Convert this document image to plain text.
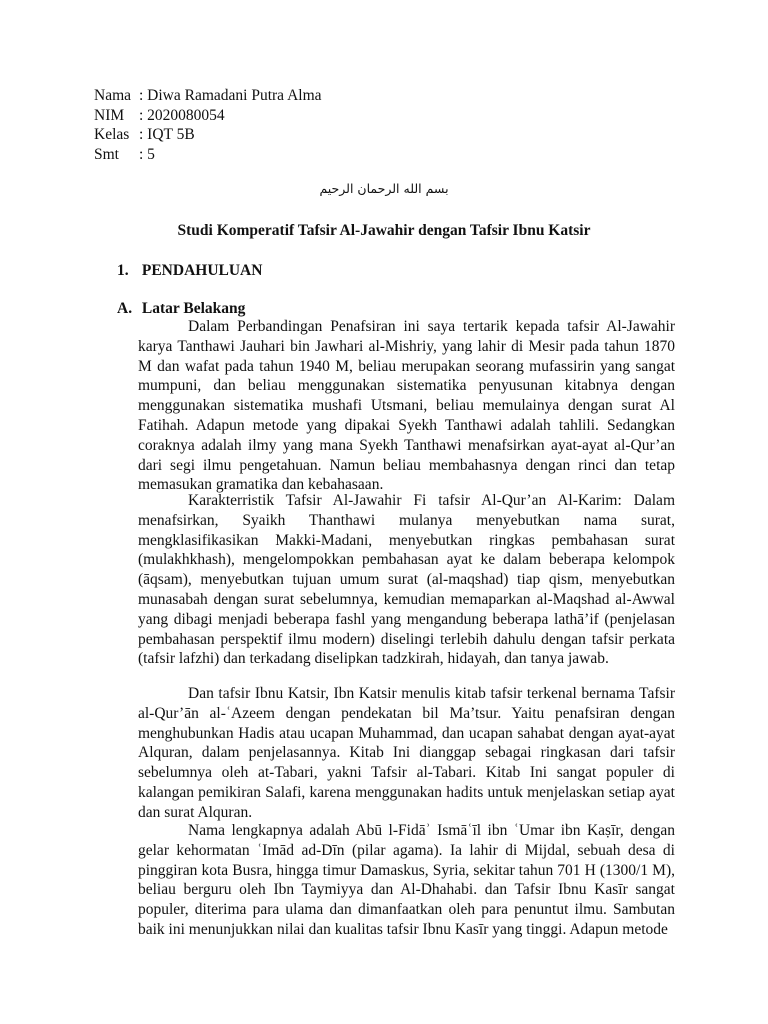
Nama : Diwa Ramadani Putra Alma
NIM : 2020080054
Kelas : IQT 5B
Smt	: 5
بسم الله الرحمان الرحيم
Studi Komperatif Tafsir Al-Jawahir dengan Tafsir Ibnu Katsir
1. PENDAHULUAN
A. Latar Belakang

Dalam Perbandingan Penafsiran ini saya tertarik kepada tafsir Al-Jawahir karya Tanthawi Jauhari bin Jawhari al-Mishriy, yang lahir di Mesir pada tahun 1870 M dan wafat pada tahun 1940 M, beliau merupakan seorang mufassirin yang sangat mumpuni, dan beliau menggunakan sistematika penyusunan kitabnya dengan menggunakan sistematika mushafi Utsmani, beliau memulainya dengan surat Al Fatihah. Adapun metode yang dipakai Syekh Tanthawi adalah tahlili. Sedangkan coraknya adalah ilmy yang mana Syekh Tanthawi menafsirkan ayat-ayat al-Qur’an dari segi ilmu pengetahuan. Namun beliau membahasnya dengan rinci dan tetap memasukan gramatika dan kebahasaan.

Karakterristik Tafsir Al-Jawahir Fi tafsir Al-Qur’an Al-Karim: Dalam menafsirkan, Syaikh Thanthawi mulanya menyebutkan nama surat, mengklasifikasikan Makki-Madani, menyebutkan ringkas pembahasan surat (mulakhkhash), mengelompokkan pembahasan ayat ke dalam beberapa kelompok (āqsam), menyebutkan tujuan umum surat (al-maqshad) tiap qism, menyebutkan munasabah dengan surat sebelumnya, kemudian memaparkan al-Maqshad al-Awwal yang dibagi menjadi beberapa fashl yang mengandung beberapa lathā’if (penjelasan pembahasan perspektif ilmu modern) diselingi terlebih dahulu dengan tafsir perkata (tafsir lafzhi) dan terkadang diselipkan tadzkirah, hidayah, dan tanya jawab.

Dan tafsir Ibnu Katsir, Ibn Katsir menulis kitab tafsir terkenal bernama Tafsir al-Qur’ān al-ʿAzeem dengan pendekatan bil Ma’tsur. Yaitu penafsiran dengan menghubunkan Hadis atau ucapan Muhammad, dan ucapan sahabat dengan ayat-ayat Alquran, dalam penjelasannya. Kitab Ini dianggap sebagai ringkasan dari tafsir sebelumnya oleh at-Tabari, yakni Tafsir al-Tabari. Kitab Ini sangat populer di kalangan pemikiran Salafi, karena menggunakan hadits untuk menjelaskan setiap ayat dan surat Alquran.

Nama lengkapnya adalah Abū l-Fidāʾ Ismāʿīl ibn ʿUmar ibn Kaṣīr, dengan gelar kehormatan ʿImād ad-Dīn (pilar agama). Ia lahir di Mijdal, sebuah desa di pinggiran kota Busra, hingga timur Damaskus, Syria, sekitar tahun 701 H (1300/1 M), beliau berguru oleh Ibn Taymiyya dan Al-Dhahabi. dan Tafsir Ibnu Kasīr sangat populer, diterima para ulama dan dimanfaatkan oleh para penuntut ilmu. Sambutan baik ini menunjukkan nilai dan kualitas tafsir Ibnu Kasīr yang tinggi. Adapun metode
